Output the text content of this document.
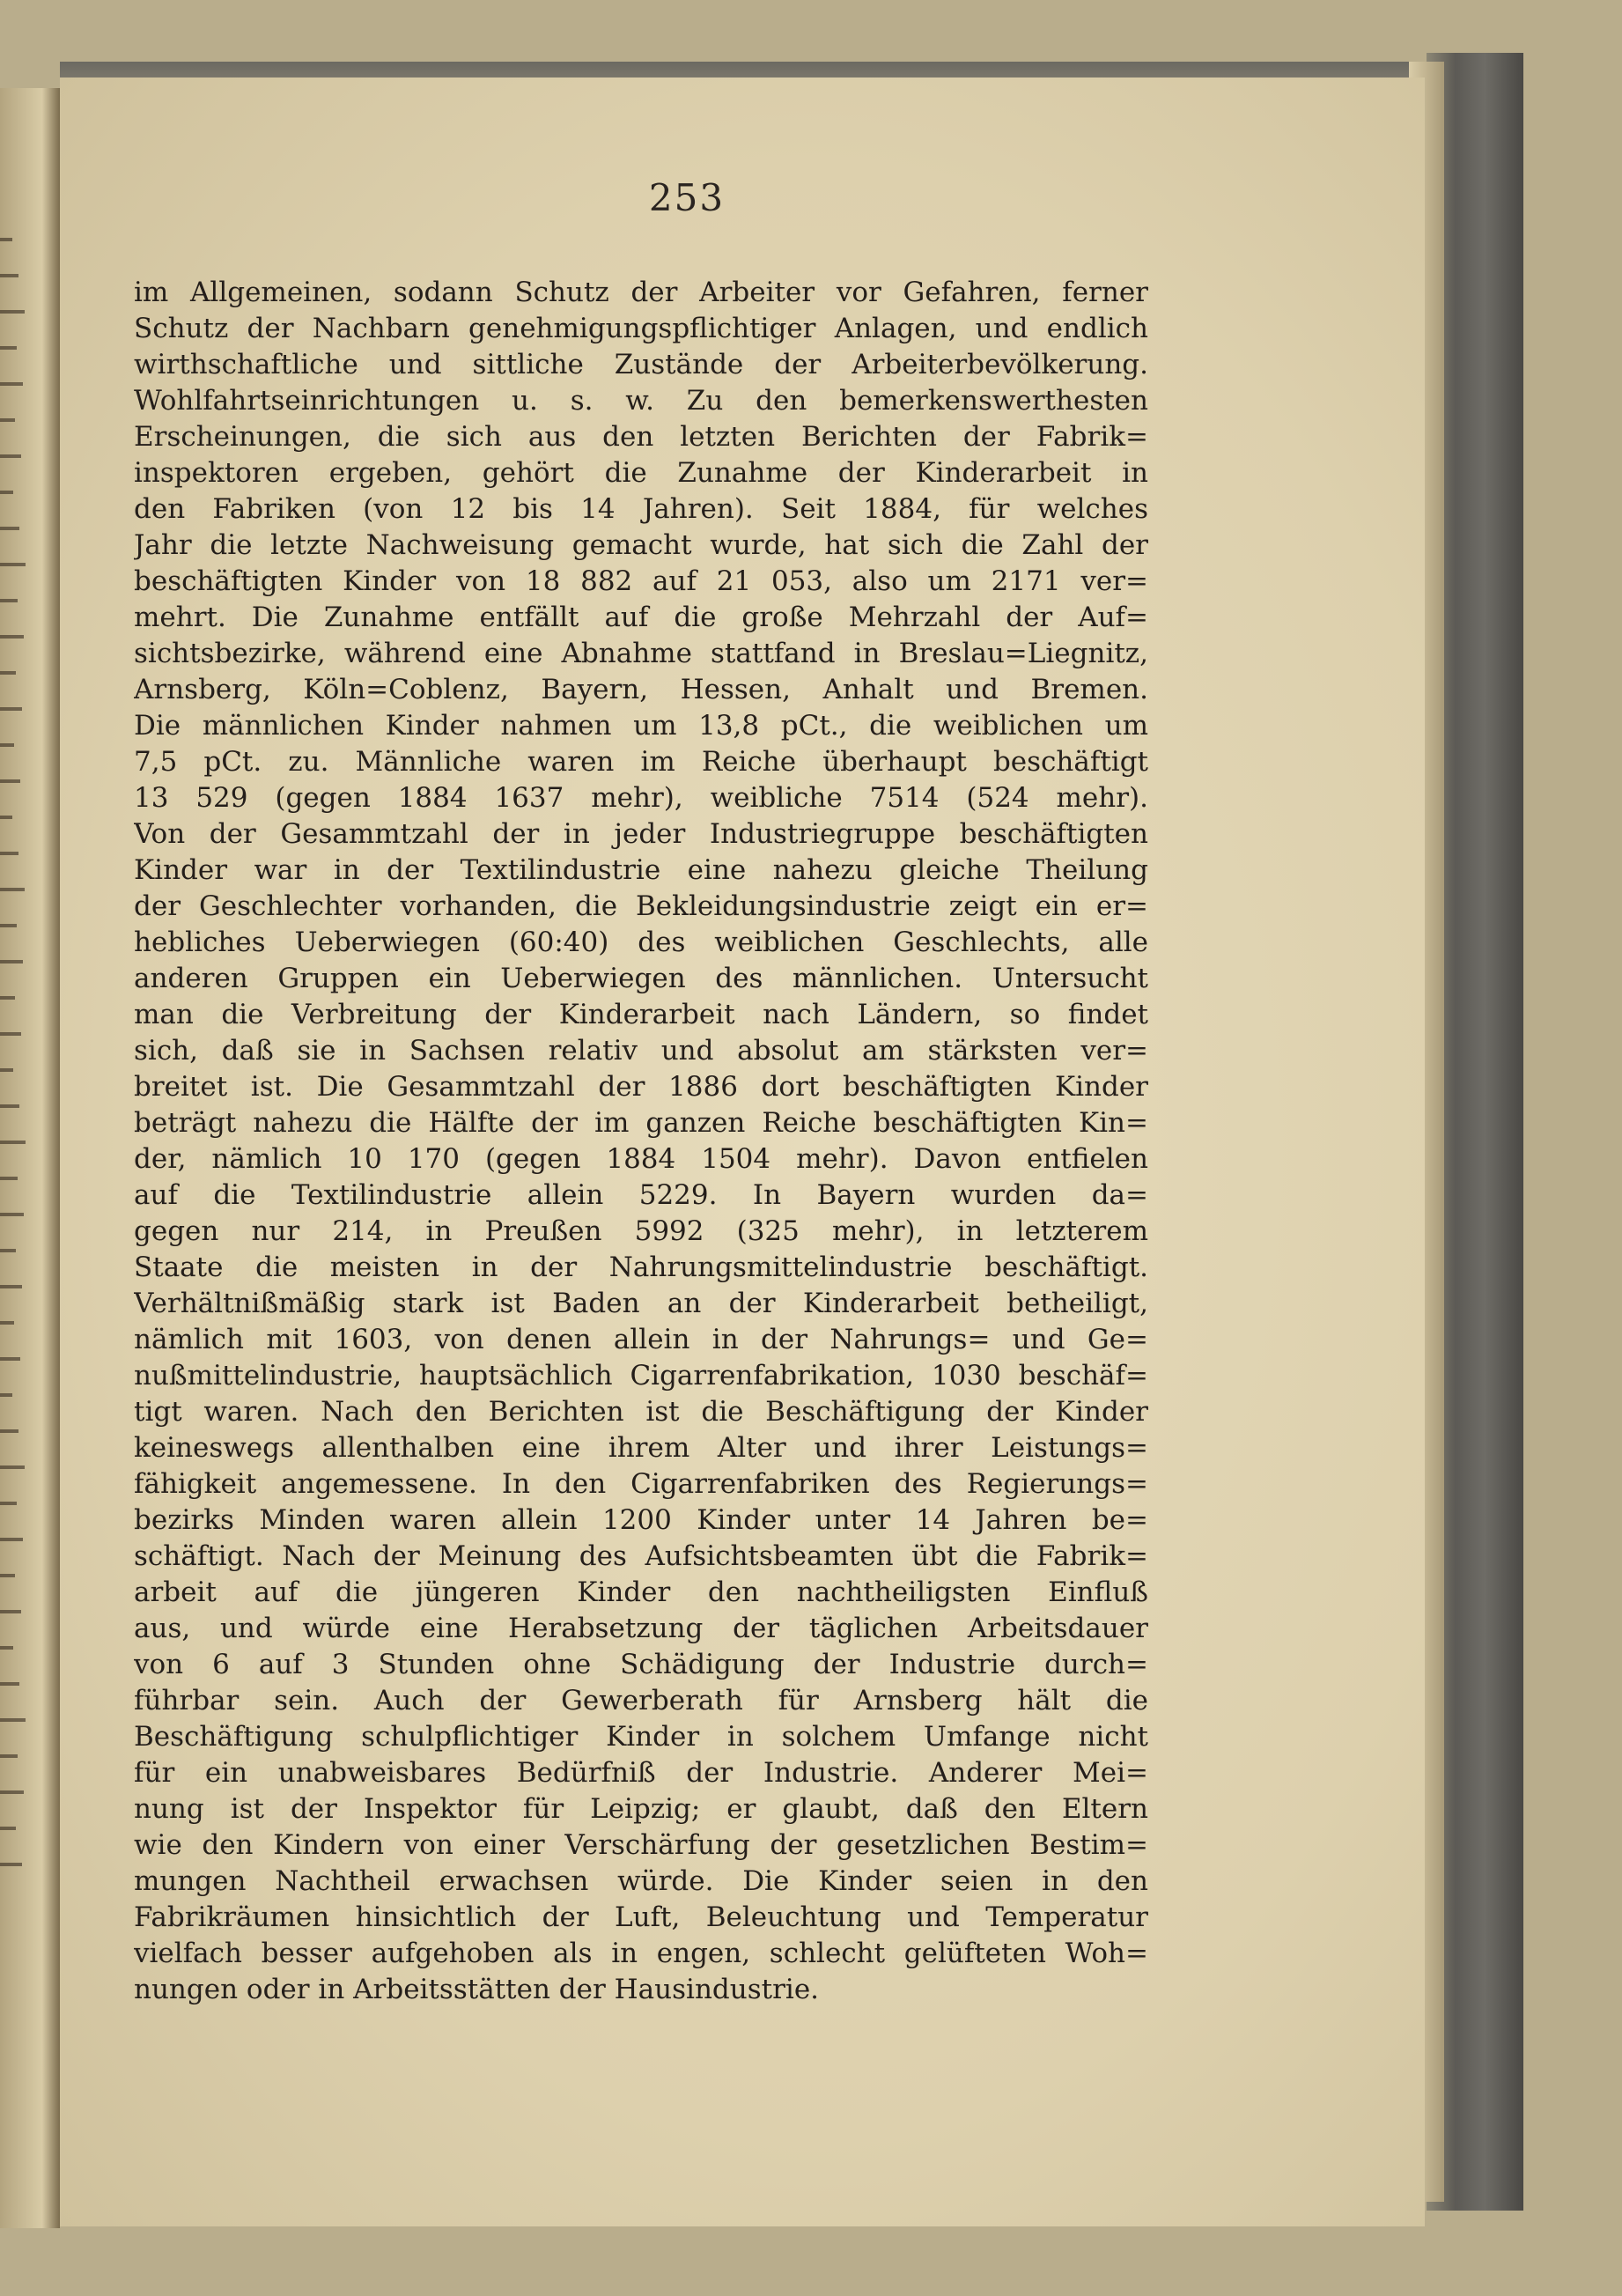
253
im Allgemeinen, sodann Schutz der Arbeiter vor Gefahren, ferner
Schutz der Nachbarn genehmigungspflichtiger Anlagen, und endlich
wirthschaftliche und sittliche Zustände der Arbeiterbevölkerung.
Wohlfahrtseinrichtungen u. s. w. Zu den bemerkenswerthesten
Erscheinungen, die sich aus den letzten Berichten der Fabrik=
inspektoren ergeben, gehört die Zunahme der Kinderarbeit in
den Fabriken (von 12 bis 14 Jahren). Seit 1884, für welches
Jahr die letzte Nachweisung gemacht wurde, hat sich die Zahl der
beschäftigten Kinder von 18 882 auf 21 053, also um 2171 ver=
mehrt. Die Zunahme entfällt auf die große Mehrzahl der Auf=
sichtsbezirke, während eine Abnahme stattfand in Breslau=Liegnitz,
Arnsberg, Köln=Coblenz, Bayern, Hessen, Anhalt und Bremen.
Die männlichen Kinder nahmen um 13,8 pCt., die weiblichen um
7,5 pCt. zu. Männliche waren im Reiche überhaupt beschäftigt
13 529 (gegen 1884 1637 mehr), weibliche 7514 (524 mehr).
Von der Gesammtzahl der in jeder Industriegruppe beschäftigten
Kinder war in der Textilindustrie eine nahezu gleiche Theilung
der Geschlechter vorhanden, die Bekleidungsindustrie zeigt ein er=
hebliches Ueberwiegen (60:40) des weiblichen Geschlechts, alle
anderen Gruppen ein Ueberwiegen des männlichen. Untersucht
man die Verbreitung der Kinderarbeit nach Ländern, so findet
sich, daß sie in Sachsen relativ und absolut am stärksten ver=
breitet ist. Die Gesammtzahl der 1886 dort beschäftigten Kinder
beträgt nahezu die Hälfte der im ganzen Reiche beschäftigten Kin=
der, nämlich 10 170 (gegen 1884 1504 mehr). Davon entfielen
auf die Textilindustrie allein 5229. In Bayern wurden da=
gegen nur 214, in Preußen 5992 (325 mehr), in letzterem
Staate die meisten in der Nahrungsmittelindustrie beschäftigt.
Verhältnißmäßig stark ist Baden an der Kinderarbeit betheiligt,
nämlich mit 1603, von denen allein in der Nahrungs= und Ge=
nußmittelindustrie, hauptsächlich Cigarrenfabrikation, 1030 beschäf=
tigt waren. Nach den Berichten ist die Beschäftigung der Kinder
keineswegs allenthalben eine ihrem Alter und ihrer Leistungs=
fähigkeit angemessene. In den Cigarrenfabriken des Regierungs=
bezirks Minden waren allein 1200 Kinder unter 14 Jahren be=
schäftigt. Nach der Meinung des Aufsichtsbeamten übt die Fabrik=
arbeit auf die jüngeren Kinder den nachtheiligsten Einfluß
aus, und würde eine Herabsetzung der täglichen Arbeitsdauer
von 6 auf 3 Stunden ohne Schädigung der Industrie durch=
führbar sein. Auch der Gewerberath für Arnsberg hält die
Beschäftigung schulpflichtiger Kinder in solchem Umfange nicht
für ein unabweisbares Bedürfniß der Industrie. Anderer Mei=
nung ist der Inspektor für Leipzig; er glaubt, daß den Eltern
wie den Kindern von einer Verschärfung der gesetzlichen Bestim=
mungen Nachtheil erwachsen würde. Die Kinder seien in den
Fabrikräumen hinsichtlich der Luft, Beleuchtung und Temperatur
vielfach besser aufgehoben als in engen, schlecht gelüfteten Woh=
nungen oder in Arbeitsstätten der Hausindustrie.
